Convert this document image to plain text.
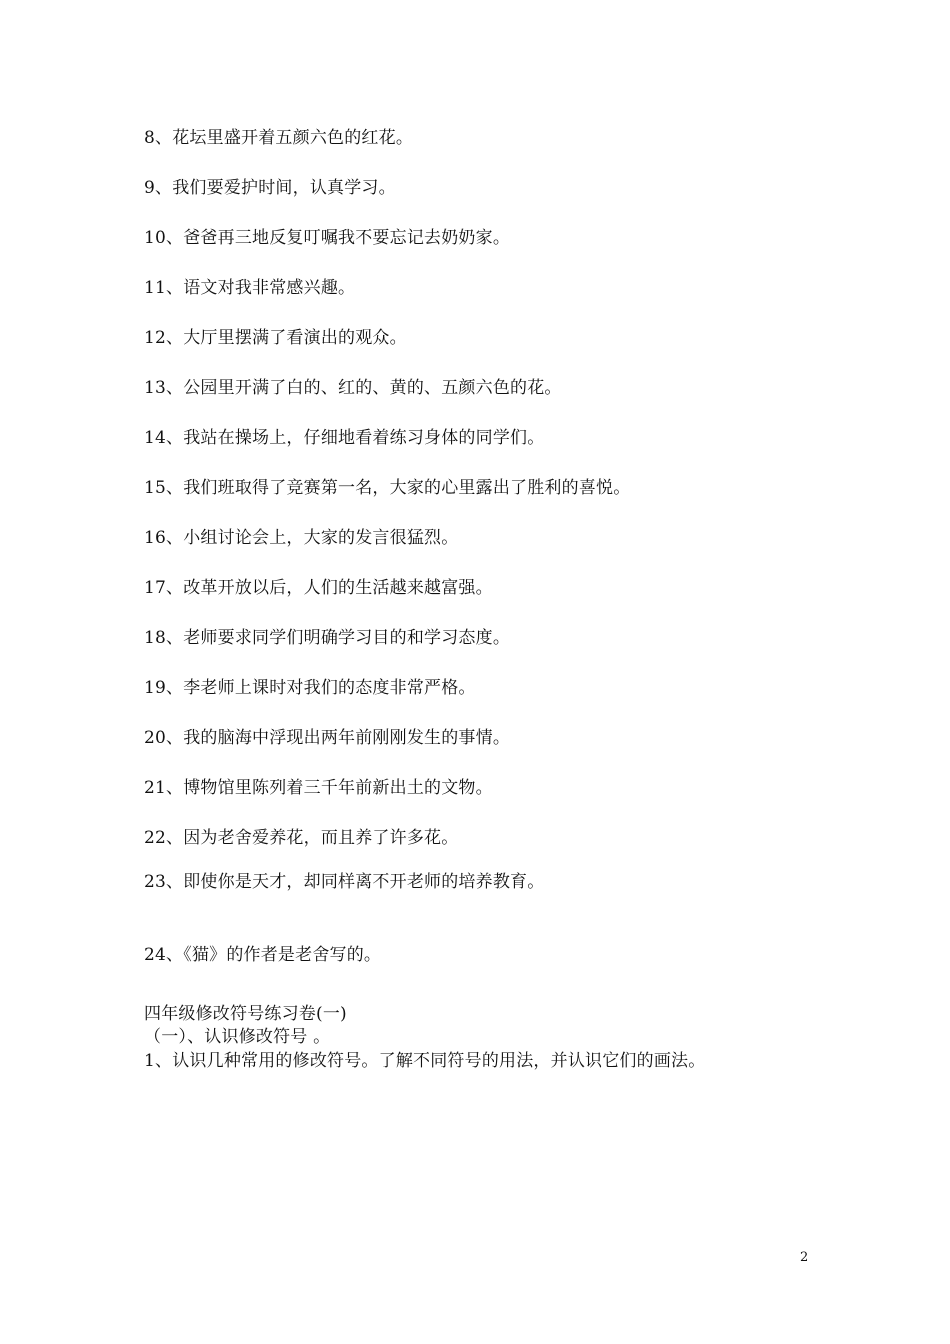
8、花坛里盛开着五颜六色的红花。
9、我们要爱护时间，认真学习。
10、爸爸再三地反复叮嘱我不要忘记去奶奶家。
11、语文对我非常感兴趣。
12、大厅里摆满了看演出的观众。
13、公园里开满了白的、红的、黄的、五颜六色的花。
14、我站在操场上，仔细地看着练习身体的同学们。
15、我们班取得了竞赛第一名，大家的心里露出了胜利的喜悦。
16、小组讨论会上，大家的发言很猛烈。
17、改革开放以后，人们的生活越来越富强。
18、老师要求同学们明确学习目的和学习态度。
19、李老师上课时对我们的态度非常严格。
20、我的脑海中浮现出两年前刚刚发生的事情。
21、博物馆里陈列着三千年前新出土的文物。
22、因为老舍爱养花，而且养了许多花。
23、即使你是天才，却同样离不开老师的培养教育。
24、《猫》的作者是老舍写的。
四年级修改符号练习卷(一)
（一）、认识修改符号 。
1、认识几种常用的修改符号。了解不同符号的用法，并认识它们的画法。
2
